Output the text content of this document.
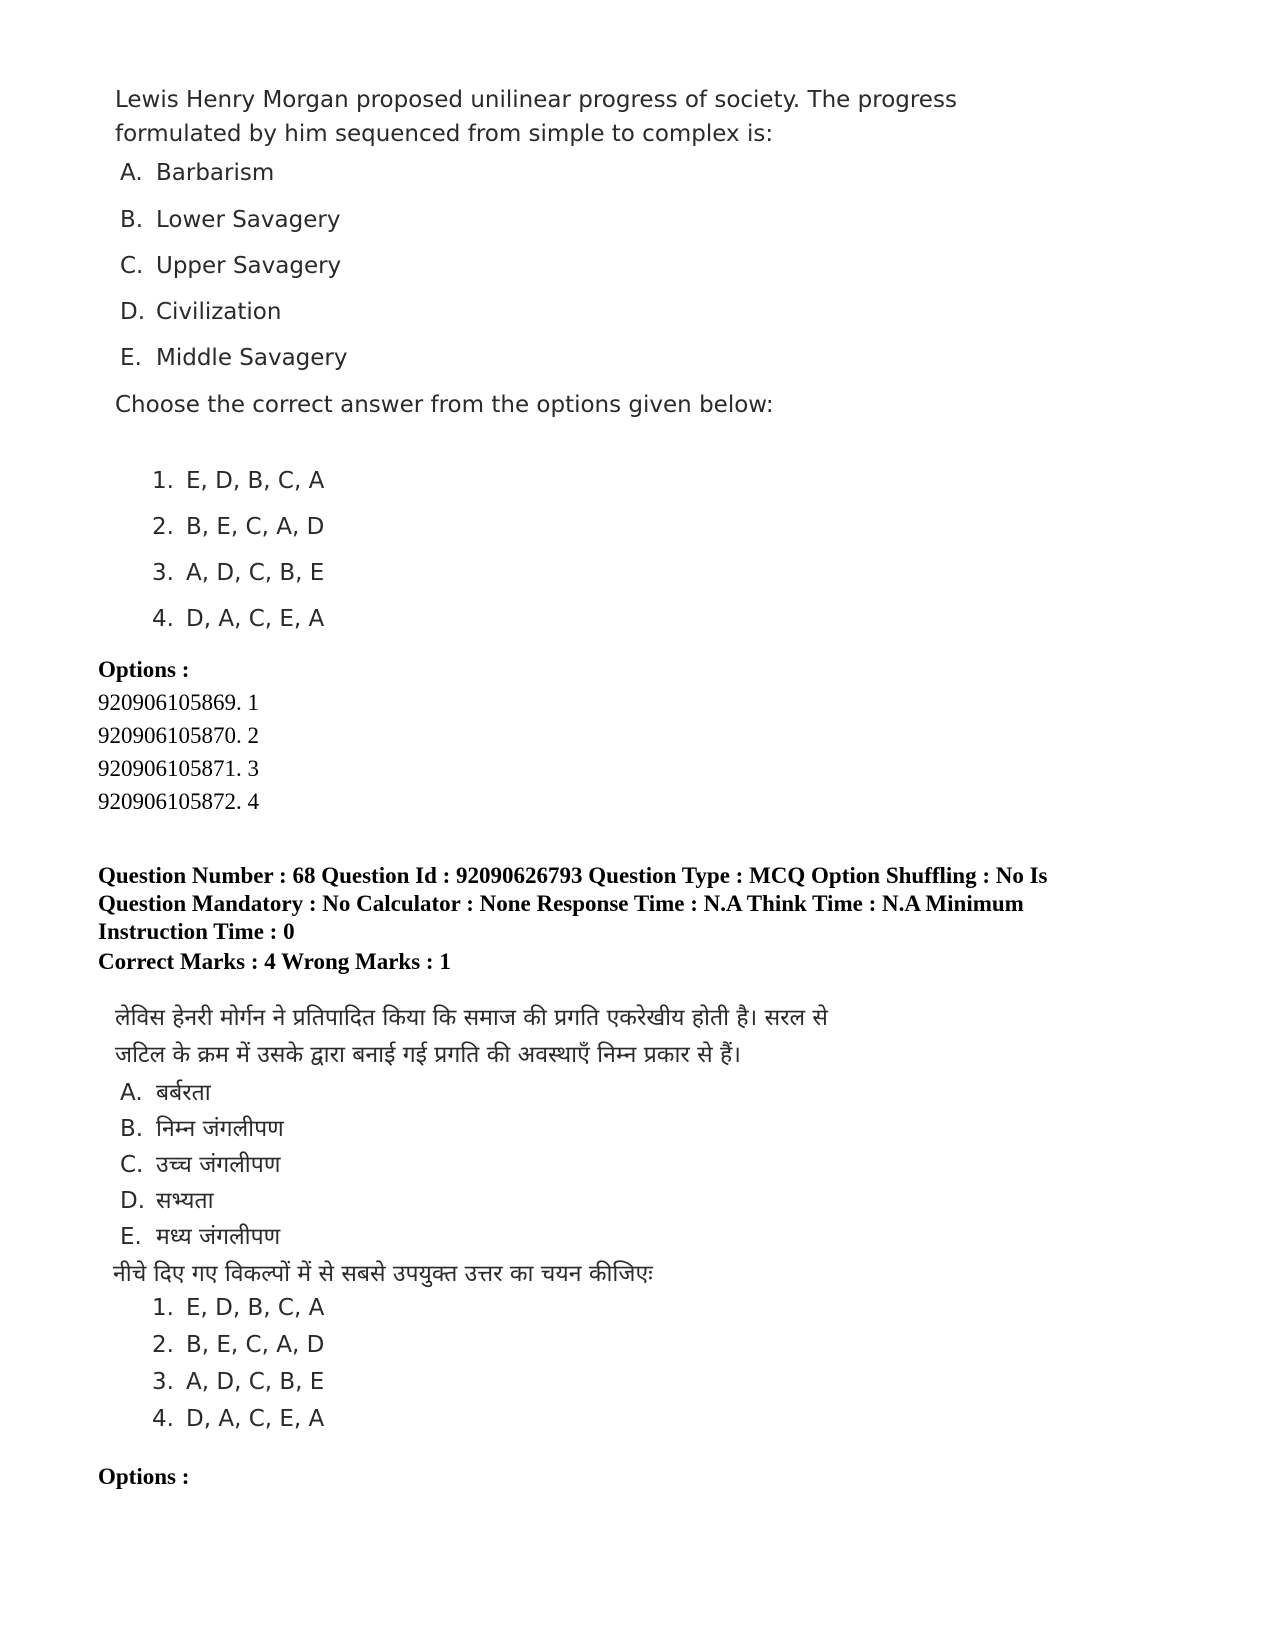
Lewis Henry Morgan proposed unilinear progress of society. The progress

formulated by him sequenced from simple to complex is:

A. Barbarism
B. Lower Savagery
C. Upper Savagery
D. Civilization
E. Middle Savagery
Choose the correct answer from the options given below:
1. E, D, B, C, A
2. B, E, C, A, D
3. A, D, C, B, E
4. D, A, C, E, A
Options :
920906105869. 1
920906105870. 2
920906105871. 3
920906105872. 4
Question Number : 68 Question Id : 92090626793 Question Type : MCQ Option Shuffling : No Is
Question Mandatory : No Calculator : None Response Time : N.A Think Time : N.A Minimum
Instruction Time : 0
Correct Marks : 4 Wrong Marks : 1

लेविस हेनरी मोर्गन ने प्रतिपादित किया कि समाज की प्रगति एकरेखीय होती है। सरल से

जटिल के क्रम में उसके द्वारा बनाई गई प्रगति की अवस्थाएँ निम्न प्रकार से हैं।

A. बर्बरता
B. निम्न जंगलीपण
C. उच्च जंगलीपण
D. सभ्यता
E. मध्य जंगलीपण
नीचे दिए गए विकल्पों में से सबसे उपयुक्त उत्तर का चयन कीजिएः
1. E, D, B, C, A
2. B, E, C, A, D
3. A, D, C, B, E
4. D, A, C, E, A
Options :
